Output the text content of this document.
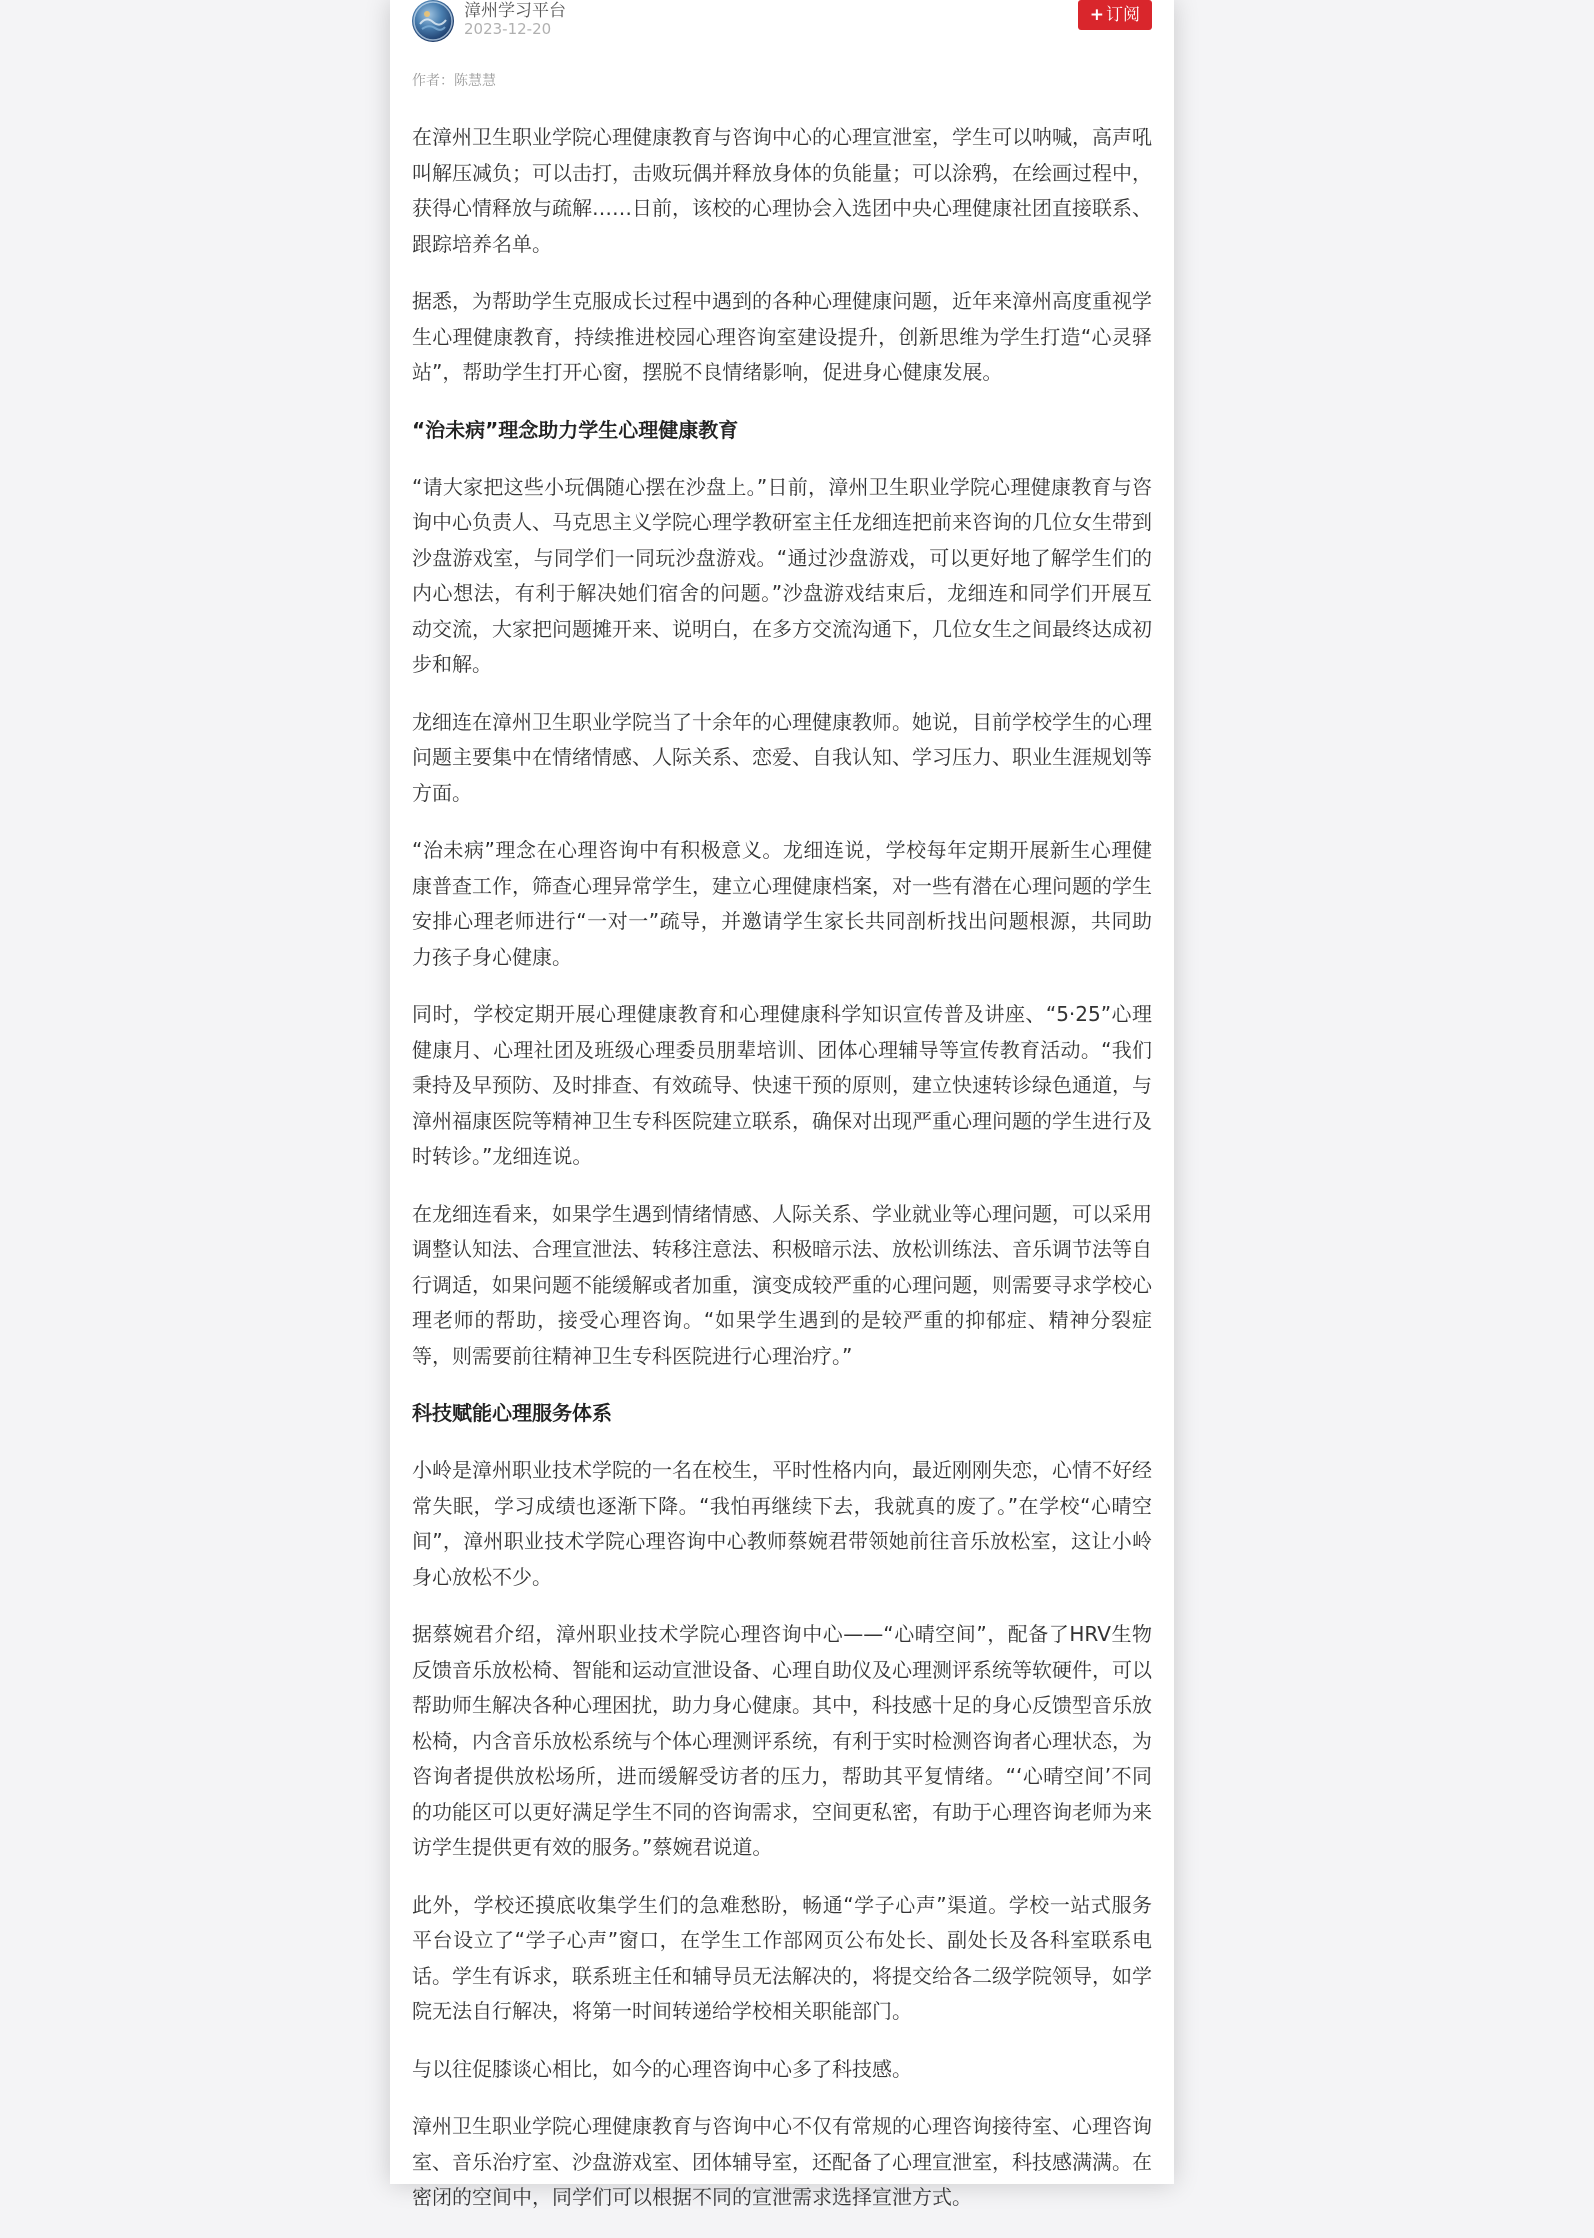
漳州学习平台
2023-12-20
+ 订阅
作者：陈慧慧

在漳州卫生职业学院心理健康教育与咨询中心的心理宣泄室，学生可以呐喊，高声吼叫解压减负；可以击打，击败玩偶并释放身体的负能量；可以涂鸦，在绘画过程中，获得心情释放与疏解……日前，该校的心理协会入选团中央心理健康社团直接联系、跟踪培养名单。

据悉，为帮助学生克服成长过程中遇到的各种心理健康问题，近年来漳州高度重视学生心理健康教育，持续推进校园心理咨询室建设提升，创新思维为学生打造“心灵驿站”，帮助学生打开心窗，摆脱不良情绪影响，促进身心健康发展。

“治未病”理念助力学生心理健康教育

“请大家把这些小玩偶随心摆在沙盘上。”日前，漳州卫生职业学院心理健康教育与咨询中心负责人、马克思主义学院心理学教研室主任龙细连把前来咨询的几位女生带到沙盘游戏室，与同学们一同玩沙盘游戏。“通过沙盘游戏，可以更好地了解学生们的内心想法，有利于解决她们宿舍的问题。”沙盘游戏结束后，龙细连和同学们开展互动交流，大家把问题摊开来、说明白，在多方交流沟通下，几位女生之间最终达成初步和解。

龙细连在漳州卫生职业学院当了十余年的心理健康教师。她说，目前学校学生的心理问题主要集中在情绪情感、人际关系、恋爱、自我认知、学习压力、职业生涯规划等方面。

“治未病”理念在心理咨询中有积极意义。龙细连说，学校每年定期开展新生心理健康普查工作，筛查心理异常学生，建立心理健康档案，对一些有潜在心理问题的学生安排心理老师进行“一对一”疏导，并邀请学生家长共同剖析找出问题根源，共同助力孩子身心健康。

同时，学校定期开展心理健康教育和心理健康科学知识宣传普及讲座、“5·25”心理健康月、心理社团及班级心理委员朋辈培训、团体心理辅导等宣传教育活动。“我们秉持及早预防、及时排查、有效疏导、快速干预的原则，建立快速转诊绿色通道，与漳州福康医院等精神卫生专科医院建立联系，确保对出现严重心理问题的学生进行及时转诊。”龙细连说。

在龙细连看来，如果学生遇到情绪情感、人际关系、学业就业等心理问题，可以采用调整认知法、合理宣泄法、转移注意法、积极暗示法、放松训练法、音乐调节法等自行调适，如果问题不能缓解或者加重，演变成较严重的心理问题，则需要寻求学校心理老师的帮助，接受心理咨询。“如果学生遇到的是较严重的抑郁症、精神分裂症等，则需要前往精神卫生专科医院进行心理治疗。”

科技赋能心理服务体系

小岭是漳州职业技术学院的一名在校生，平时性格内向，最近刚刚失恋，心情不好经常失眠，学习成绩也逐渐下降。“我怕再继续下去，我就真的废了。”在学校“心晴空间”，漳州职业技术学院心理咨询中心教师蔡婉君带领她前往音乐放松室，这让小岭身心放松不少。

据蔡婉君介绍，漳州职业技术学院心理咨询中心——“心晴空间”，配备了HRV生物反馈音乐放松椅、智能和运动宣泄设备、心理自助仪及心理测评系统等软硬件，可以帮助师生解决各种心理困扰，助力身心健康。其中，科技感十足的身心反馈型音乐放松椅，内含音乐放松系统与个体心理测评系统，有利于实时检测咨询者心理状态，为咨询者提供放松场所，进而缓解受访者的压力，帮助其平复情绪。“‘心晴空间’不同的功能区可以更好满足学生不同的咨询需求，空间更私密，有助于心理咨询老师为来访学生提供更有效的服务。”蔡婉君说道。

此外，学校还摸底收集学生们的急难愁盼，畅通“学子心声”渠道。学校一站式服务平台设立了“学子心声”窗口，在学生工作部网页公布处长、副处长及各科室联系电话。学生有诉求，联系班主任和辅导员无法解决的，将提交给各二级学院领导，如学院无法自行解决，将第一时间转递给学校相关职能部门。

与以往促膝谈心相比，如今的心理咨询中心多了科技感。

漳州卫生职业学院心理健康教育与咨询中心不仅有常规的心理咨询接待室、心理咨询室、音乐治疗室、沙盘游戏室、团体辅导室，还配备了心理宣泄室，科技感满满。在密闭的空间中，同学们可以根据不同的宣泄需求选择宣泄方式。
